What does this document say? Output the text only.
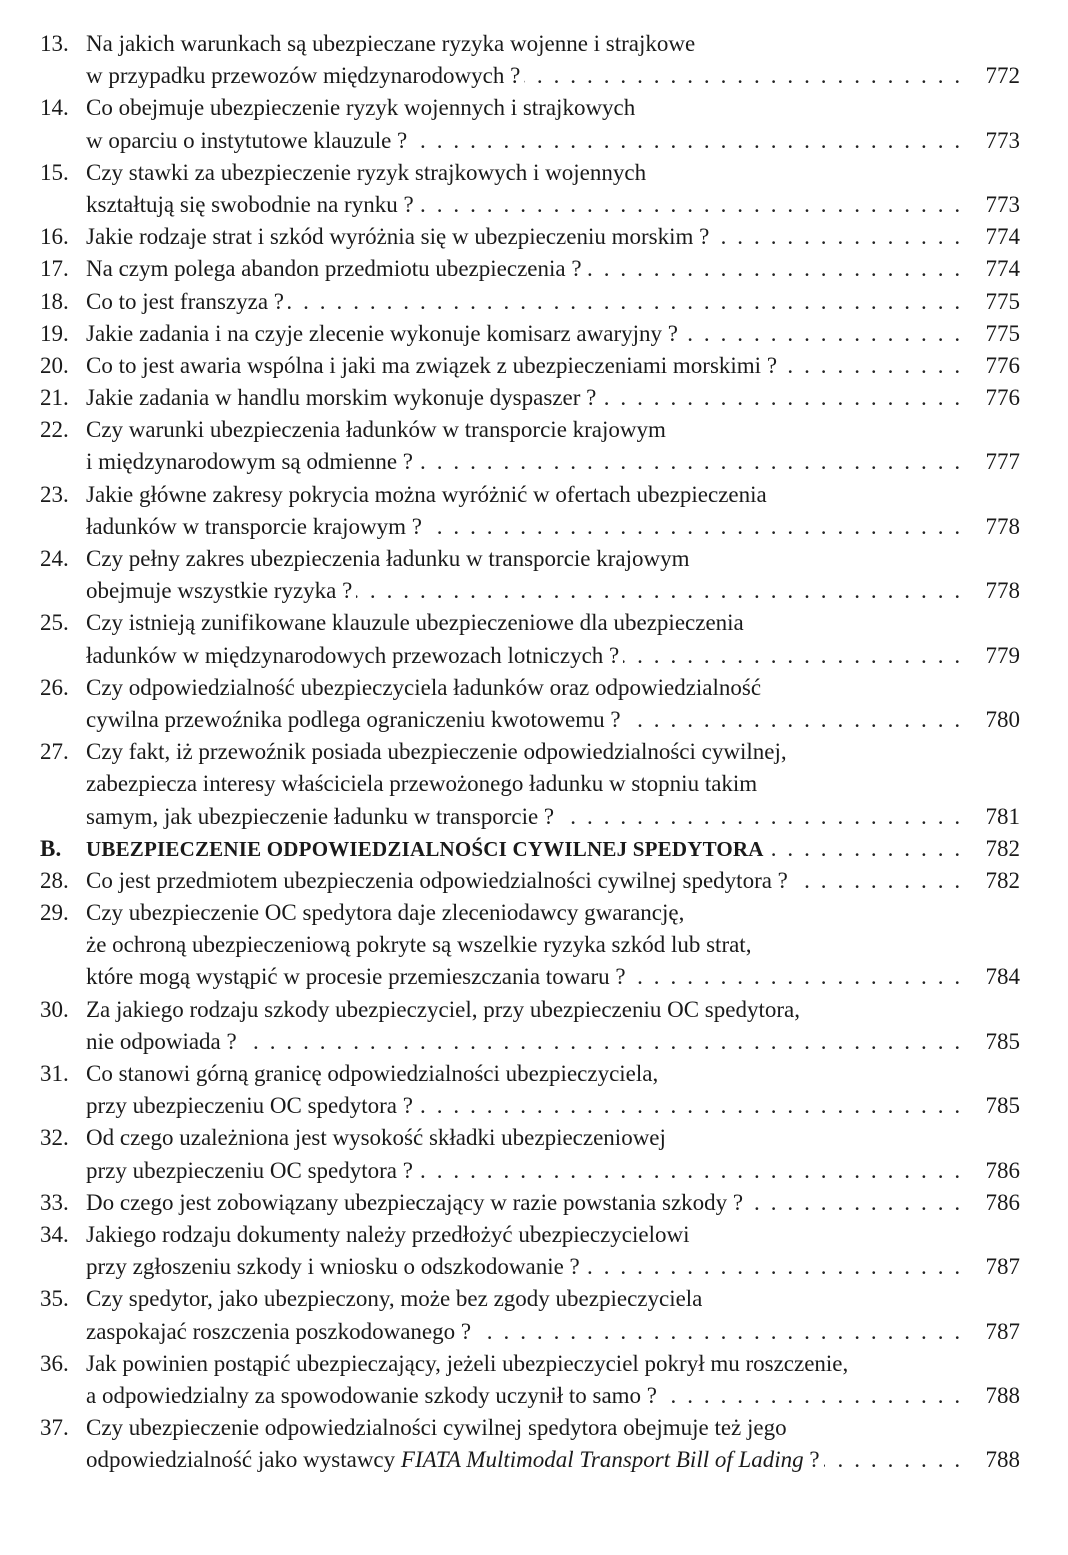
13. Na jakich warunkach są ubezpieczane ryzyka wojenne i strajkowe
w przypadku przewozów międzynarodowych ? . . .	772
14. Co obejmuje ubezpieczenie ryzyk wojennych i strajkowych
w oparciu o instytutowe klauzule ? . . .	773
15. Czy stawki za ubezpieczenie ryzyk strajkowych i wojennych
kształtują się swobodnie na rynku ? . . .	773
16. Jakie rodzaje strat i szkód wyróżnia się w ubezpieczeniu morskim ? . . .	774
17. Na czym polega abandon przedmiotu ubezpieczenia ? . . .	774
18. Co to jest franszyza ? . . .	775
19. Jakie zadania i na czyje zlecenie wykonuje komisarz awaryjny ? . . .	775
20. Co to jest awaria wspólna i jaki ma związek z ubezpieczeniami morskimi ? . . .	776
21. Jakie zadania w handlu morskim wykonuje dyspaszer ? . . .	776
22. Czy warunki ubezpieczenia ładunków w transporcie krajowym
i międzynarodowym są odmienne ? . . .	777
23. Jakie główne zakresy pokrycia można wyróżnić w ofertach ubezpieczenia
ładunków w transporcie krajowym ? . . .	778
24. Czy pełny zakres ubezpieczenia ładunku w transporcie krajowym
obejmuje wszystkie ryzyka ? . . .	778
25. Czy istnieją zunifikowane klauzule ubezpieczeniowe dla ubezpieczenia
ładunków w międzynarodowych przewozach lotniczych ? . . .	779
26. Czy odpowiedzialność ubezpieczyciela ładunków oraz odpowiedzialność
cywilna przewoźnika podlega ograniczeniu kwotowemu ? . . .	780
27. Czy fakt, iż przewoźnik posiada ubezpieczenie odpowiedzialności cywilnej,
zabezpiecza interesy właściciela przewożonego ładunku w stopniu takim
samym, jak ubezpieczenie ładunku w transporcie ? . . .	781
B.	UBEZPIECZENIE ODPOWIEDZIALNOŚCI CYWILNEJ SPEDYTORA . . .	782
28. Co jest przedmiotem ubezpieczenia odpowiedzialności cywilnej spedytora ? . . .	782
29. Czy ubezpieczenie OC spedytora daje zleceniodawcy gwarancję,
że ochroną ubezpieczeniową pokryte są wszelkie ryzyka szkód lub strat,
które mogą wystąpić w procesie przemieszczania towaru ? . . .	784
30. Za jakiego rodzaju szkody ubezpieczyciel, przy ubezpieczeniu OC spedytora,
nie odpowiada ? . . .	785
31. Co stanowi górną granicę odpowiedzialności ubezpieczyciela,
przy ubezpieczeniu OC spedytora ? . . .	785
32. Od czego uzależniona jest wysokość składki ubezpieczeniowej
przy ubezpieczeniu OC spedytora ? . . .	786
33. Do czego jest zobowiązany ubezpieczający w razie powstania szkody ? . . .	786
34. Jakiego rodzaju dokumenty należy przedłożyć ubezpieczycielowi
przy zgłoszeniu szkody i wniosku o odszkodowanie ? . . .	787
35. Czy spedytor, jako ubezpieczony, może bez zgody ubezpieczyciela
zaspokajać roszczenia poszkodowanego ? . . .	787
36. Jak powinien postąpić ubezpieczający, jeżeli ubezpieczyciel pokrył mu roszczenie,
a odpowiedzialny za spowodowanie szkody uczynił to samo ? . . .	788
37. Czy ubezpieczenie odpowiedzialności cywilnej spedytora obejmuje też jego
odpowiedzialność jako wystawcy FIATA Multimodal Transport Bill of Lading ? . . .	788
